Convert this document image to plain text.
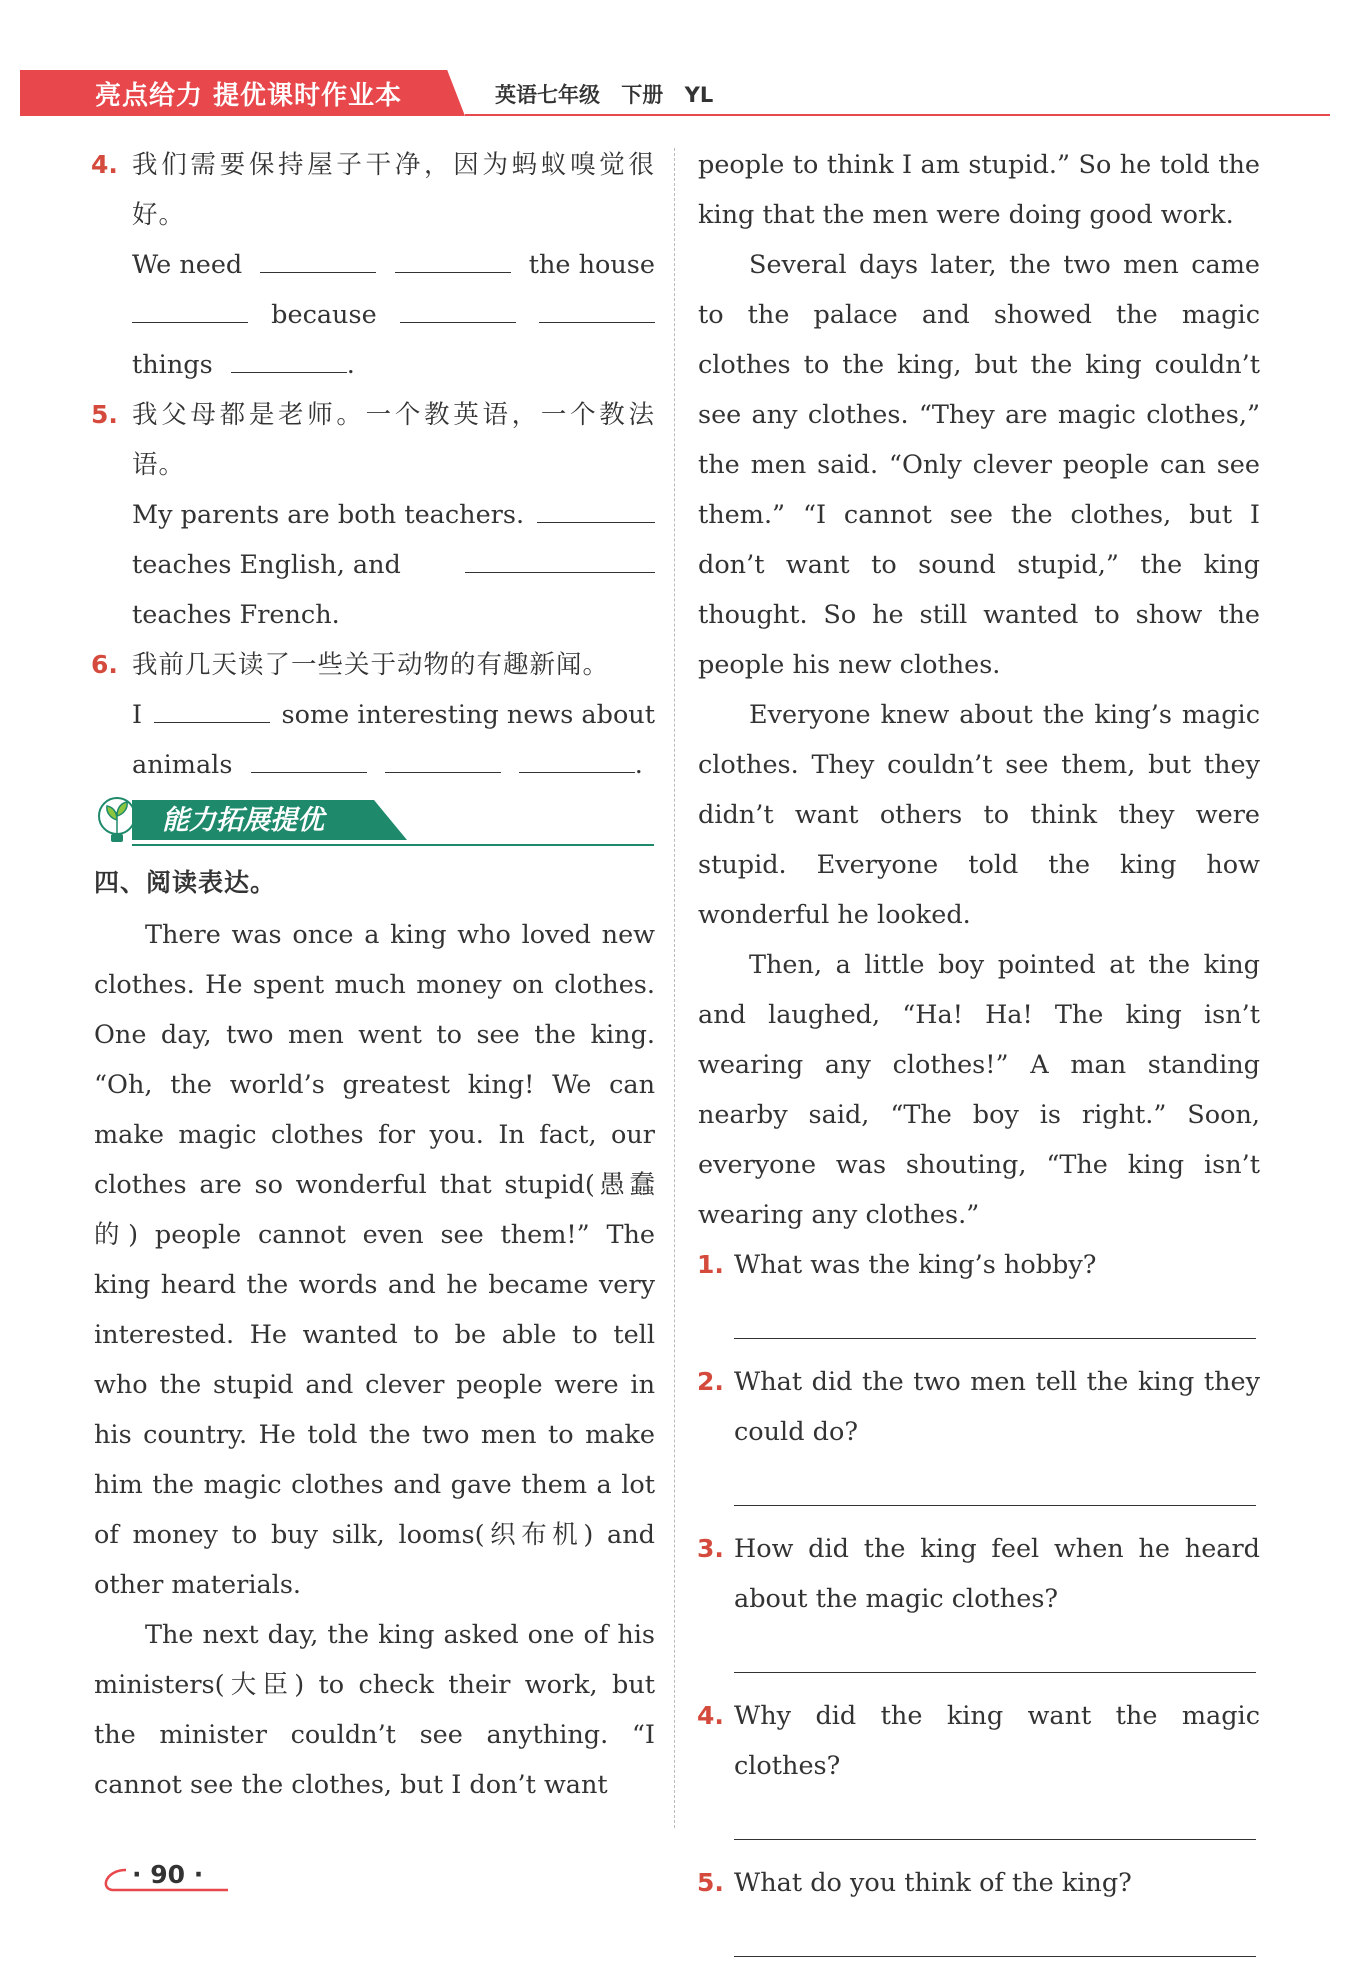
亮点给力 提优课时作业本	英语七年级 下册 YL
4. 我们需要保持屋子干净，因为蚂蚁嗅觉很好。
We need	the house
because
things	.
5. 我父母都是老师。一个教英语，一个教法语。
My parents are both teachers.
teaches English, and
teaches French.
6. 我前几天读了一些关于动物的有趣新闻。
I	some interesting news about
animals	.
能力拓展提优
四、阅读表达。

There was once a king who loved new clothes. He spent much money on clothes. One day, two men went to see the king. “Oh, the world’s greatest king! We can make magic clothes for you. In fact, our clothes are so wonderful that stupid(愚蠢的) people cannot even see them!” The king heard the words and he became very interested. He wanted to be able to tell who the stupid and clever people were in his country. He told the two men to make him the magic clothes and gave them a lot of money to buy silk, looms(织布机) and other materials.

The next day, the king asked one of his ministers(大臣) to check their work, but the minister couldn’t see anything. “I cannot see the clothes, but I don’t want

people to think I am stupid.” So he told the king that the men were doing good work.

Several days later, the two men came to the palace and showed the magic clothes to the king, but the king couldn’t see any clothes. “They are magic clothes,” the men said. “Only clever people can see them.” “I cannot see the clothes, but I don’t want to sound stupid,” the king thought. So he still wanted to show the people his new clothes.

Everyone knew about the king’s magic clothes. They couldn’t see them, but they didn’t want others to think they were stupid. Everyone told the king how wonderful he looked.

Then, a little boy pointed at the king and laughed, “Ha! Ha! The king isn’t wearing any clothes!” A man standing nearby said, “The boy is right.” Soon, everyone was shouting, “The king isn’t wearing any clothes.”

1. What was the king’s hobby?
2. What did the two men tell the king they could do?
3. How did the king feel when he heard about the magic clothes?
4. Why did the king want the magic clothes?
5. What do you think of the king?
· 90 ·
